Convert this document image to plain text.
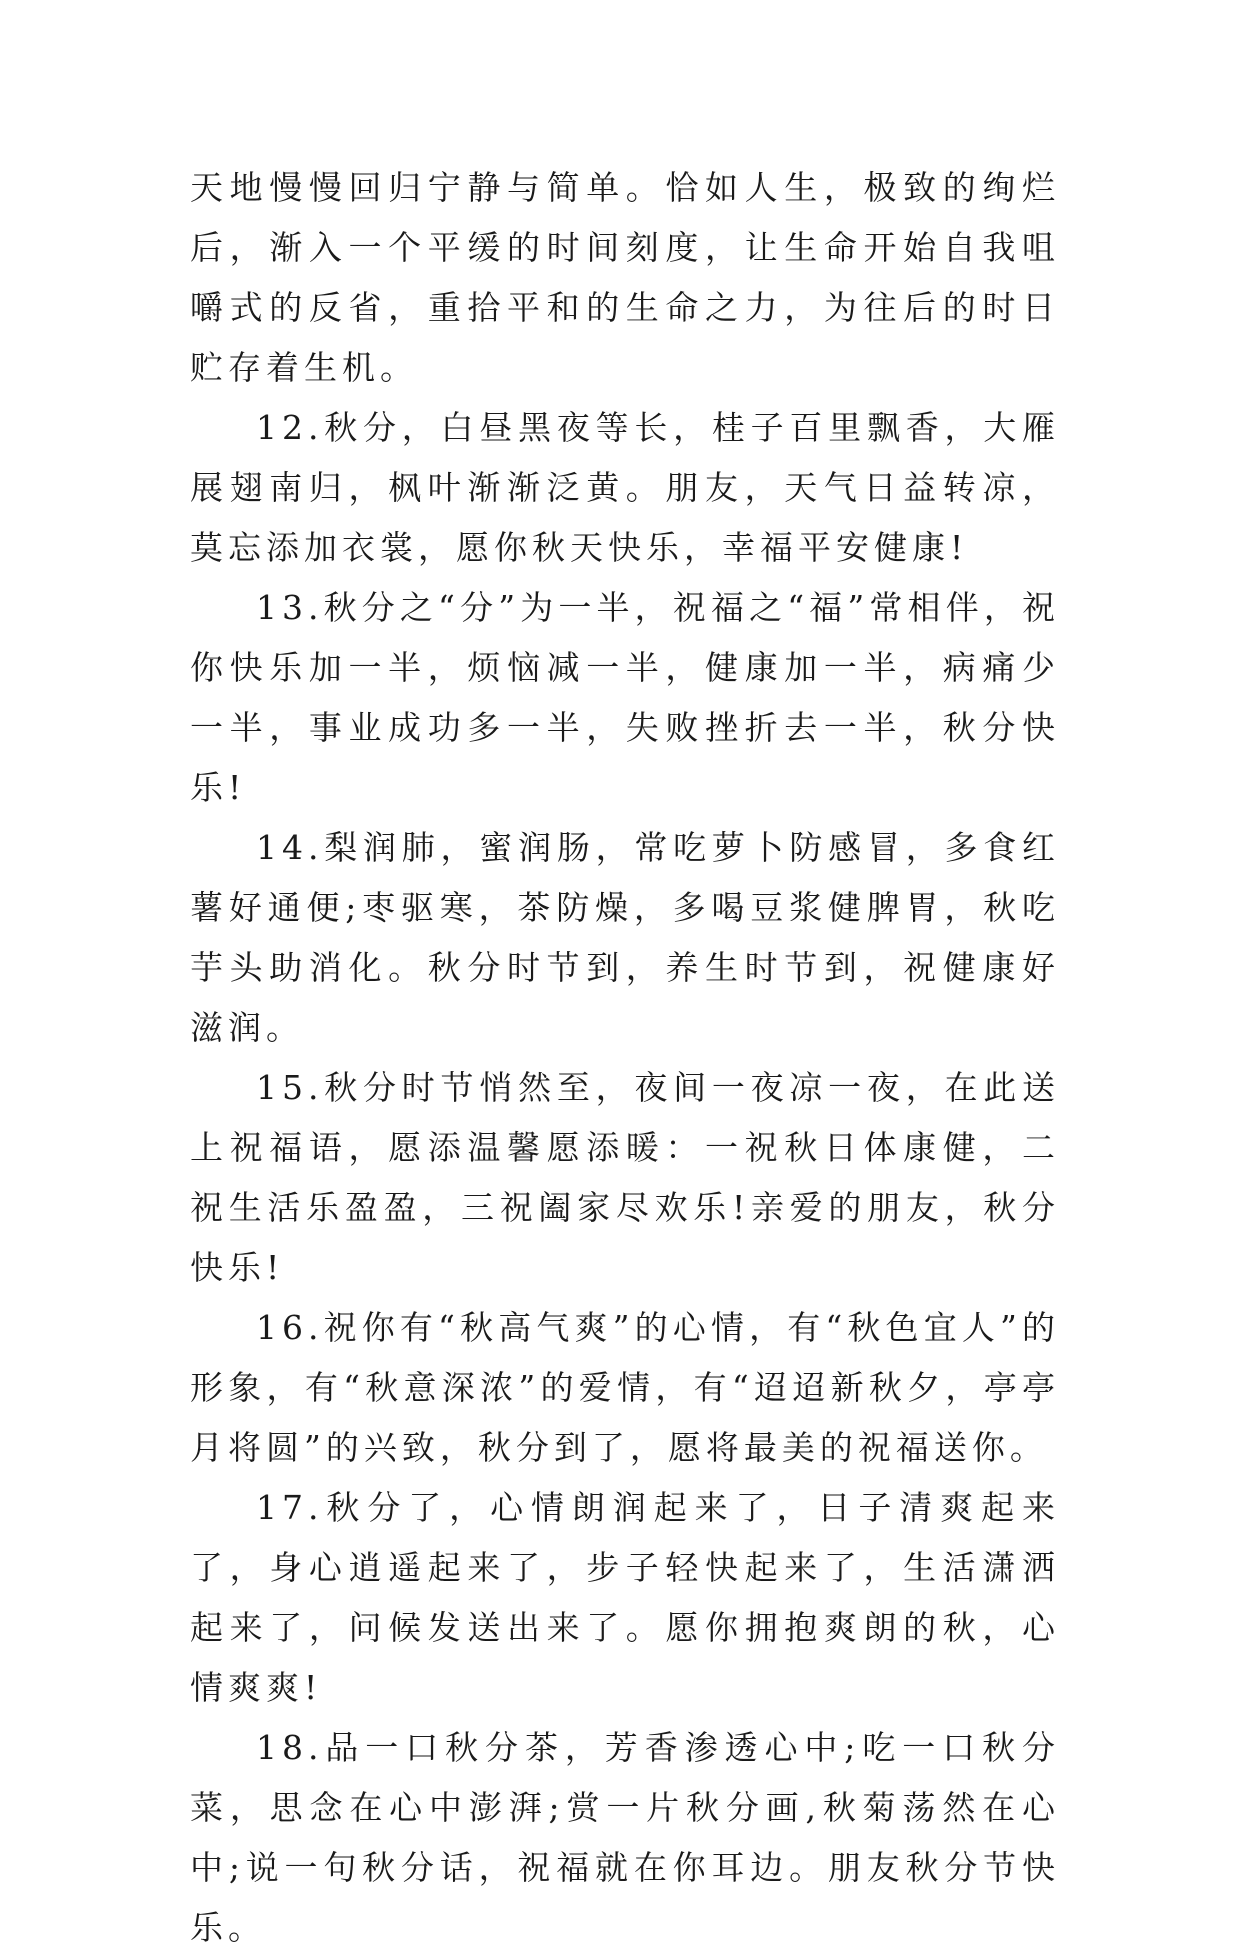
天地慢慢回归宁静与简单。恰如人生，极致的绚烂后，渐入一个平缓的时间刻度，让生命开始自我咀嚼式的反省，重拾平和的生命之力，为往后的时日贮存着生机。

12.秋分，白昼黑夜等长，桂子百里飘香，大雁展翅南归，枫叶渐渐泛黄。朋友，天气日益转凉，莫忘添加衣裳，愿你秋天快乐，幸福平安健康!

13.秋分之“分”为一半，祝福之“福”常相伴，祝你快乐加一半，烦恼减一半，健康加一半，病痛少一半，事业成功多一半，失败挫折去一半，秋分快乐!

14.梨润肺，蜜润肠，常吃萝卜防感冒，多食红薯好通便;枣驱寒，茶防燥，多喝豆浆健脾胃，秋吃芋头助消化。秋分时节到，养生时节到，祝健康好滋润。

15.秋分时节悄然至，夜间一夜凉一夜，在此送上祝福语，愿添温馨愿添暖：一祝秋日体康健，二祝生活乐盈盈，三祝阖家尽欢乐!亲爱的朋友，秋分快乐!

16.祝你有“秋高气爽”的心情，有“秋色宜人”的形象，有“秋意深浓”的爱情，有“迢迢新秋夕，亭亭月将圆”的兴致，秋分到了，愿将最美的祝福送你。

17.秋分了，心情朗润起来了，日子清爽起来了，身心逍遥起来了，步子轻快起来了，生活潇洒起来了，问候发送出来了。愿你拥抱爽朗的秋，心情爽爽!

18.品一口秋分茶，芳香渗透心中;吃一口秋分菜，思念在心中澎湃;赏一片秋分画,秋菊荡然在心中;说一句秋分话，祝福就在你耳边。朋友秋分节快乐。
